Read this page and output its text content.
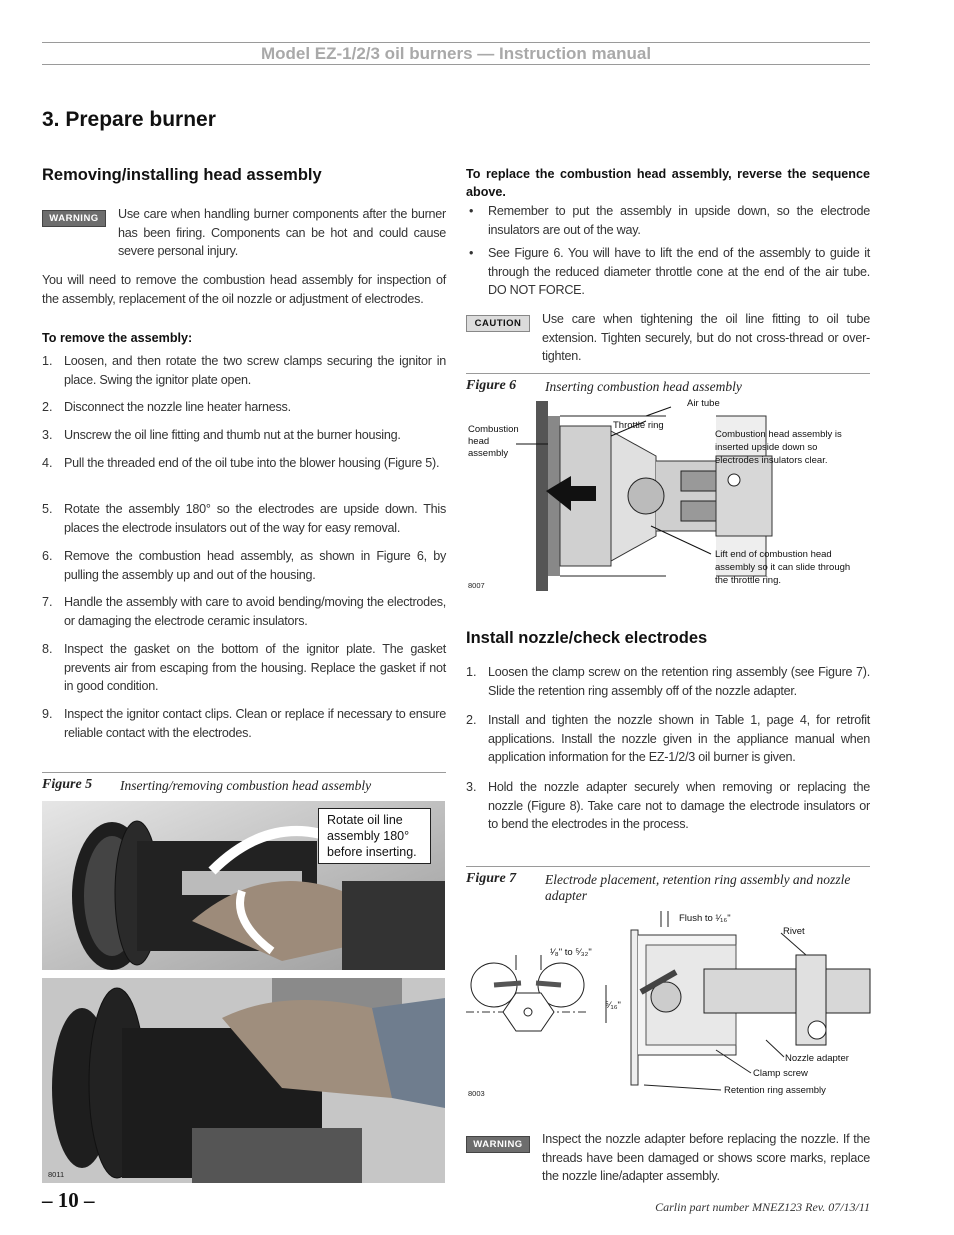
Model EZ-1/2/3 oil burners — Instruction manual
3. Prepare burner
Removing/installing head assembly
WARNING	Use care when handling burner components after the burner has been firing. Components can be hot and could cause severe personal injury.
You will need to remove the combustion head assembly for inspection of the assembly, replacement of the oil nozzle or adjustment of electrodes.
To remove the assembly:
1. Loosen, and then rotate the two screw clamps securing the ignitor in place. Swing the ignitor plate open.
2. Disconnect the nozzle line heater harness.
3. Unscrew the oil line fitting and thumb nut at the burner housing.
4. Pull the threaded end of the oil tube into the blower housing (Figure 5).
5. Rotate the assembly 180° so the electrodes are upside down. This places the electrode insulators out of the way for easy removal.
6. Remove the combustion head assembly, as shown in Figure 6, by pulling the assembly up and out of the housing.
7. Handle the assembly with care to avoid bending/moving the electrodes, or damaging the electrode ceramic insulators.
8. Inspect the gasket on the bottom of the ignitor plate. The gasket prevents air from escaping from the housing. Replace the gasket if not in good condition.
9. Inspect the ignitor contact clips. Clean or replace if necessary to ensure reliable contact with the electrodes.
Figure 5 Inserting/removing combustion head assembly
Rotate oil line assembly 180° before inserting.
8011
To replace the combustion head assembly, reverse the sequence above.
• Remember to put the assembly in upside down, so the electrode insulators are out of the way.
• See Figure 6. You will have to lift the end of the assembly to guide it through the reduced diameter throttle cone at the end of the air tube. DO NOT FORCE.
CAUTION	Use care when tightening the oil line fitting to oil tube extension. Tighten securely, but do not cross-thread or over-tighten.
Figure 6 Inserting combustion head assembly
Air tube
Throttle ring
Combustion
head
assembly
Combustion head assembly is
inserted upside down so
electrodes insulators clear.
Lift end of combustion head
assembly so it can slide through
the throttle ring.
8007
Install nozzle/check electrodes
1. Loosen the clamp screw on the retention ring assembly (see Figure 7). Slide the retention ring assembly off of the nozzle adapter.
2. Install and tighten the nozzle shown in Table 1, page 4, for retrofit applications. Install the nozzle given in the appliance manual when application information for the EZ-1/2/3 oil burner is given.
3. Hold the nozzle adapter securely when removing or replacing the nozzle (Figure 8). Take care not to damage the electrode insulators or to bend the electrodes in the process.
Figure 7 Electrode placement, retention ring assembly and nozzle adapter
¹⁄₈" to ⁵⁄₃₂"
⁵⁄₁₆"
Flush to ¹⁄₁₆"
Rivet
Nozzle adapter
Clamp screw
Retention ring assembly
8003
WARNING	Inspect the nozzle adapter before replacing the nozzle. If the threads have been damaged or shows score marks, replace the nozzle line/adapter assembly.
– 10 –	Carlin part number MNEZ123 Rev. 07/13/11
